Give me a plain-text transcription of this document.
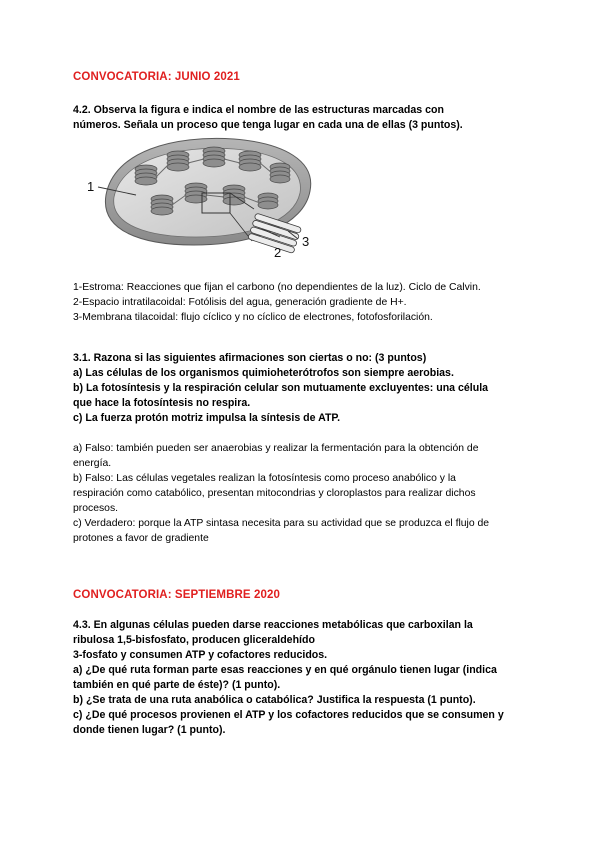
CONVOCATORIA: JUNIO 2021
4.2. Observa la figura e indica el nombre de las estructuras marcadas con
números. Señala un proceso que tenga lugar en cada una de ellas (3 puntos).
1
2
3
1-Estroma: Reacciones que fijan el carbono (no dependientes de la luz). Ciclo de Calvin.
2-Espacio intratilacoidal: Fotólisis del agua, generación gradiente de H+.
3-Membrana tilacoidal: flujo cíclico y no cíclico de electrones, fotofosforilación.
3.1. Razona si las siguientes afirmaciones son ciertas o no: (3 puntos)
a) Las células de los organismos quimioheterótrofos son siempre aerobias.
b) La fotosíntesis y la respiración celular son mutuamente excluyentes: una célula
que hace la fotosíntesis no respira.
c) La fuerza protón motriz impulsa la síntesis de ATP.
a) Falso: también pueden ser anaerobias y realizar la fermentación para la obtención de
energía.
b) Falso: Las células vegetales realizan la fotosíntesis como proceso anabólico y la
respiración como catabólico, presentan mitocondrias y cloroplastos para realizar dichos
procesos.
c) Verdadero: porque la ATP sintasa necesita para su actividad que se produzca el flujo de
protones a favor de gradiente
CONVOCATORIA: SEPTIEMBRE 2020
4.3. En algunas células pueden darse reacciones metabólicas que carboxilan la
ribulosa 1,5-bisfosfato, producen gliceraldehído
3-fosfato y consumen ATP y cofactores reducidos.
a) ¿De qué ruta forman parte esas reacciones y en qué orgánulo tienen lugar (indica
también en qué parte de éste)? (1 punto).
b) ¿Se trata de una ruta anabólica o catabólica? Justifica la respuesta (1 punto).
c) ¿De qué procesos provienen el ATP y los cofactores reducidos que se consumen y
donde tienen lugar? (1 punto).
